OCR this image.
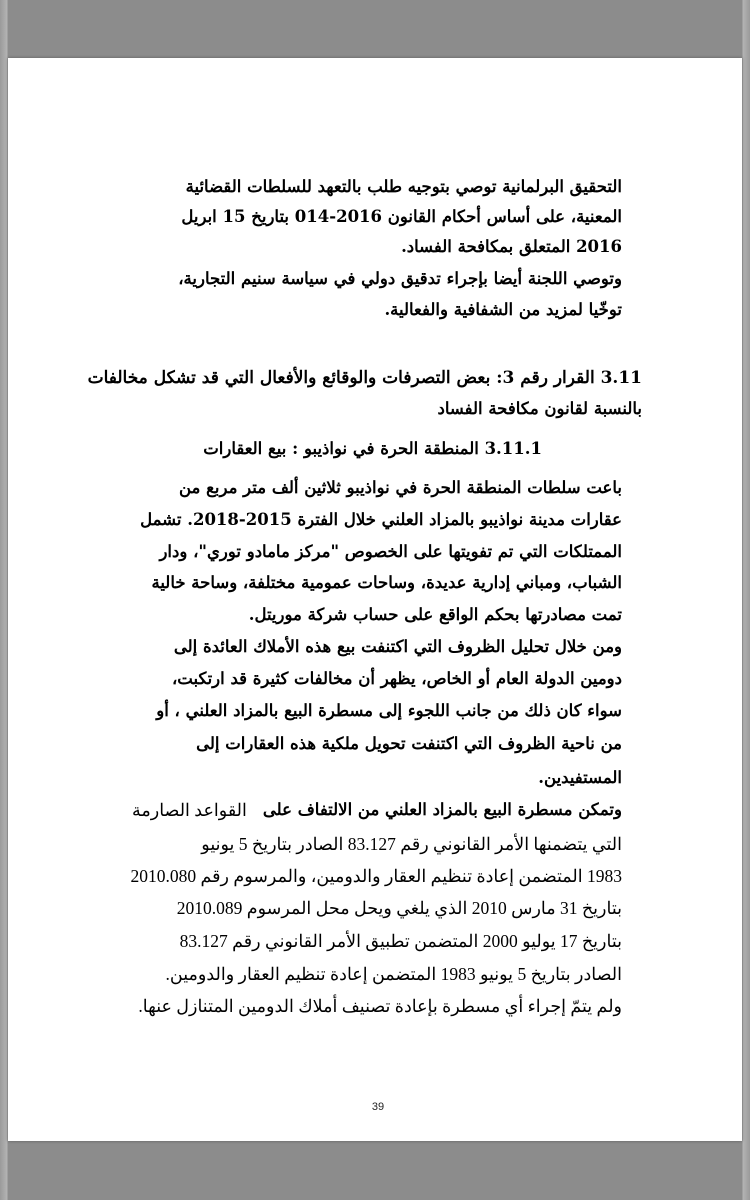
التحقيق البرلمانية توصي بتوجيه طلب بالتعهد للسلطات القضائية
المعنية، على أساس أحكام القانون 2016-014 بتاريخ 15 ابريل
2016 المتعلق بمكافحة الفساد.
وتوصي اللجنة أيضا بإجراء تدقيق دولي في سياسة سنيم التجارية،
توخّيا لمزيد من الشفافية والفعالية.
3.11 القرار رقم 3: بعض التصرفات والوقائع والأفعال التي قد تشكل مخالفات
بالنسبة لقانون مكافحة الفساد
3.11.1 المنطقة الحرة في نواذيبو : بيع العقارات
باعت سلطات المنطقة الحرة في نواذيبو ثلاثين ألف متر مربع من
عقارات مدينة نواذيبو بالمزاد العلني خلال الفترة 2015-2018. تشمل
الممتلكات التي تم تفويتها على الخصوص "مركز مامادو توري"، ودار
الشباب، ومباني إدارية عديدة، وساحات عمومية مختلفة، وساحة خالية
تمت مصادرتها بحكم الواقع على حساب شركة موريتل.
ومن خلال تحليل الظروف التي اكتنفت بيع هذه الأملاك العائدة إلى
دومين الدولة العام أو الخاص، يظهر أن مخالفات كثيرة قد ارتكبت،
سواء كان ذلك من جانب اللجوء إلى مسطرة البيع بالمزاد العلني ، أو
من ناحية الظروف التي اكتنفت تحويل ملكية هذه العقارات إلى
المستفيدين.
وتمكن مسطرة البيع بالمزاد العلني من الالتفاف على
القواعد الصارمة
التي يتضمنها الأمر القانوني رقم 83.127 الصادر بتاريخ 5 يونيو
1983 المتضمن إعادة تنظيم العقار والدومين، والمرسوم رقم 2010.080
بتاريخ 31 مارس 2010 الذي يلغي ويحل محل المرسوم 2010.089
بتاريخ 17 يوليو 2000 المتضمن تطبيق الأمر القانوني رقم 83.127
الصادر بتاريخ 5 يونيو 1983 المتضمن إعادة تنظيم العقار والدومين.
ولم يتمّ إجراء أي مسطرة بإعادة تصنيف أملاك الدومين المتنازل عنها.
39
